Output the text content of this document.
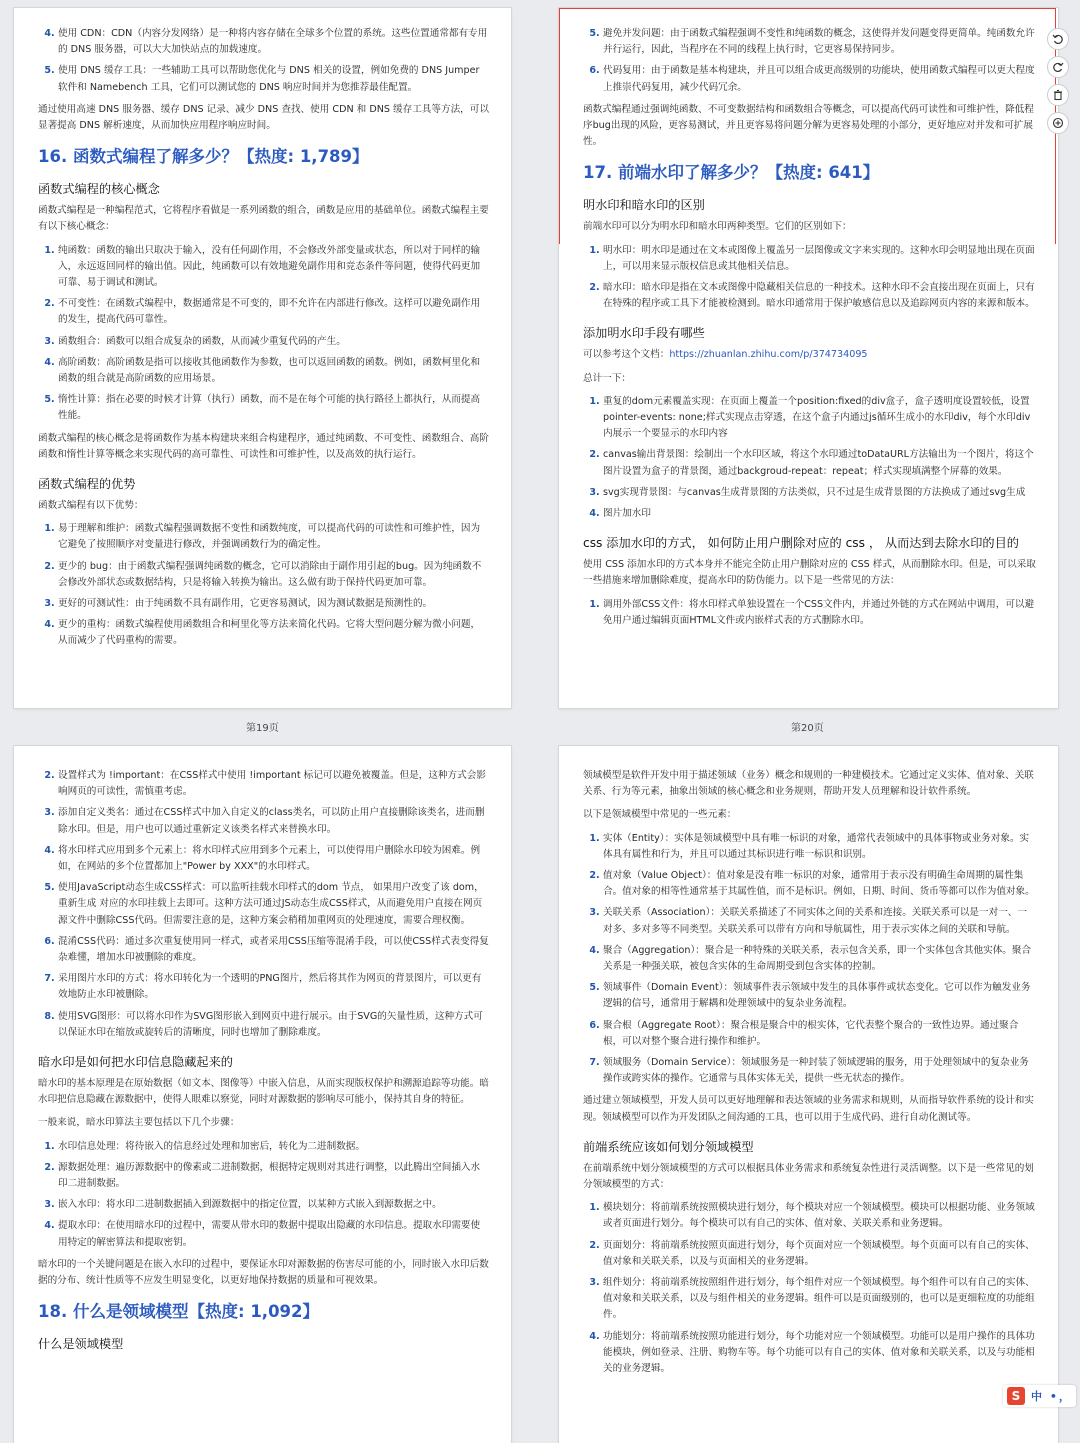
4. 使用 CDN：CDN（内容分发网络）是一种将内容存储在全球多个位置的系统。这些位置通常都有专用的 DNS 服务器，可以大大加快站点的加载速度。
5. 使用 DNS 缓存工具：一些辅助工具可以帮助您优化与 DNS 相关的设置，例如免费的 DNS Jumper 软件和 Namebench 工具，它们可以测试您的 DNS 响应时间并为您推荐最佳配置。

通过使用高速 DNS 服务器、缓存 DNS 记录、减少 DNS 查找、使用 CDN 和 DNS 缓存工具等方法，可以显著提高 DNS 解析速度，从而加快应用程序响应时间。

16. 函数式编程了解多少？【热度: 1,789】
函数式编程的核心概念

函数式编程是一种编程范式，它将程序看做是一系列函数的组合，函数是应用的基础单位。函数式编程主要有以下核心概念：

1. 纯函数：函数的输出只取决于输入，没有任何副作用，不会修改外部变量或状态，所以对于同样的输入，永远返回同样的输出值。因此，纯函数可以有效地避免副作用和竞态条件等问题，使得代码更加可靠、易于调试和测试。
2. 不可变性：在函数式编程中，数据通常是不可变的，即不允许在内部进行修改。这样可以避免副作用的发生，提高代码可靠性。
3. 函数组合：函数可以组合成复杂的函数，从而减少重复代码的产生。
4. 高阶函数：高阶函数是指可以接收其他函数作为参数，也可以返回函数的函数。例如，函数柯里化和函数的组合就是高阶函数的应用场景。
5. 惰性计算：指在必要的时候才计算（执行）函数，而不是在每个可能的执行路径上都执行，从而提高性能。

函数式编程的核心概念是将函数作为基本构建块来组合构建程序，通过纯函数、不可变性、函数组合、高阶函数和惰性计算等概念来实现代码的高可靠性、可读性和可维护性，以及高效的执行运行。

函数式编程的优势

函数式编程有以下优势：

1. 易于理解和维护：函数式编程强调数据不变性和函数纯度，可以提高代码的可读性和可维护性，因为它避免了按照顺序对变量进行修改，并强调函数行为的确定性。
2. 更少的 bug：由于函数式编程强调纯函数的概念，它可以消除由于副作用引起的bug。因为纯函数不会修改外部状态或数据结构，只是将输入转换为输出。这么做有助于保持代码更加可靠。
3. 更好的可测试性：由于纯函数不具有副作用，它更容易测试，因为测试数据是预测性的。
4. 更少的重构：函数式编程使用函数组合和柯里化等方法来简化代码。它将大型问题分解为微小问题，从而减少了代码重构的需要。
5. 避免并发问题：由于函数式编程强调不变性和纯函数的概念，这使得并发问题变得更简单。纯函数允许并行运行，因此，当程序在不同的线程上执行时，它更容易保持同步。
6. 代码复用：由于函数是基本构建块，并且可以组合成更高级别的功能块，使用函数式编程可以更大程度上推崇代码复用，减少代码冗余。

函数式编程通过强调纯函数、不可变数据结构和函数组合等概念，可以提高代码可读性和可维护性，降低程序bug出现的风险，更容易测试，并且更容易将问题分解为更容易处理的小部分，更好地应对并发和可扩展性。

17. 前端水印了解多少？【热度: 641】
明水印和暗水印的区别

前端水印可以分为明水印和暗水印两种类型。它们的区别如下：

1. 明水印：明水印是通过在文本或图像上覆盖另一层图像或文字来实现的。这种水印会明显地出现在页面上，可以用来显示版权信息或其他相关信息。
2. 暗水印：暗水印是指在文本或图像中隐藏相关信息的一种技术。这种水印不会直接出现在页面上，只有在特殊的程序或工具下才能被检测到。暗水印通常用于保护敏感信息以及追踪网页内容的来源和版本。
添加明水印手段有哪些

可以参考这个文档：https://zhuanlan.zhihu.com/p/374734095

总计一下：

1. 重复的dom元素覆盖实现：在页面上覆盖一个position:fixed的div盒子，盒子透明度设置较低，设置pointer-events: none;样式实现点击穿透，在这个盒子内通过js循环生成小的水印div，每个水印div内展示一个要显示的水印内容
2. canvas输出背景图：绘制出一个水印区域，将这个水印通过toDataURL方法输出为一个图片，将这个图片设置为盒子的背景图，通过backgroud-repeat：repeat；样式实现填满整个屏幕的效果。
3. svg实现背景图：与canvas生成背景图的方法类似，只不过是生成背景图的方法换成了通过svg生成
4. 图片加水印
css 添加水印的方式， 如何防止用户删除对应的 css ， 从而达到去除水印的目的

使用 CSS 添加水印的方式本身并不能完全防止用户删除对应的 CSS 样式，从而删除水印。但是，可以采取一些措施来增加删除难度，提高水印的防伪能力。以下是一些常见的方法：

1. 调用外部CSS文件：将水印样式单独设置在一个CSS文件内，并通过外链的方式在网站中调用，可以避免用户通过编辑页面HTML文件或内嵌样式表的方式删除水印。
第19页	第20页
2. 设置样式为 !important：在CSS样式中使用 !important 标记可以避免被覆盖。但是，这种方式会影响网页的可读性，需慎重考虑。
3. 添加自定义类名：通过在CSS样式中加入自定义的class类名，可以防止用户直接删除该类名，进而删除水印。但是，用户也可以通过重新定义该类名样式来替换水印。
4. 将水印样式应用到多个元素上：将水印样式应用到多个元素上，可以使得用户删除水印较为困难。例如，在网站的多个位置都加上"Power by XXX"的水印样式。
5. 使用JavaScript动态生成CSS样式：可以监听挂载水印样式的dom 节点， 如果用户改变了该 dom，重新生成 对应的水印挂载上去即可。这种方法可通过JS动态生成CSS样式，从而避免用户直接在网页源文件中删除CSS代码。但需要注意的是，这种方案会稍稍加重网页的处理速度，需要合理权衡。
6. 混淆CSS代码：通过多次重复使用同一样式，或者采用CSS压缩等混淆手段，可以使CSS样式表变得复杂难懂，增加水印被删除的难度。
7. 采用图片水印的方式：将水印转化为一个透明的PNG图片，然后将其作为网页的背景图片，可以更有效地防止水印被删除。
8. 使用SVG图形：可以将水印作为SVG图形嵌入到网页中进行展示。由于SVG的矢量性质，这种方式可以保证水印在缩放或旋转后的清晰度，同时也增加了删除难度。
暗水印是如何把水印信息隐藏起来的

暗水印的基本原理是在原始数据（如文本、图像等）中嵌入信息，从而实现版权保护和溯源追踪等功能。暗水印把信息隐藏在源数据中，使得人眼难以察觉，同时对源数据的影响尽可能小，保持其自身的特征。

一般来说，暗水印算法主要包括以下几个步骤：

1. 水印信息处理：将待嵌入的信息经过处理和加密后，转化为二进制数据。
2. 源数据处理：遍历源数据中的像素或二进制数据，根据特定规则对其进行调整，以此腾出空间插入水印二进制数据。
3. 嵌入水印：将水印二进制数据插入到源数据中的指定位置，以某种方式嵌入到源数据之中。
4. 提取水印：在使用暗水印的过程中，需要从带水印的数据中提取出隐藏的水印信息。提取水印需要使用特定的解密算法和提取密钥。

暗水印的一个关键问题是在嵌入水印的过程中，要保证水印对源数据的伤害尽可能的小，同时嵌入水印后数据的分布、统计性质等不应发生明显变化，以更好地保持数据的质量和可视效果。

18. 什么是领域模型【热度: 1,092】
什么是领域模型

领域模型是软件开发中用于描述领域（业务）概念和规则的一种建模技术。它通过定义实体、值对象、关联关系、行为等元素，抽象出领域的核心概念和业务规则，帮助开发人员理解和设计软件系统。

以下是领域模型中常见的一些元素：

1. 实体（Entity）：实体是领域模型中具有唯一标识的对象，通常代表领域中的具体事物或业务对象。实体具有属性和行为，并且可以通过其标识进行唯一标识和识别。
2. 值对象（Value Object）：值对象是没有唯一标识的对象，通常用于表示没有明确生命周期的属性集合。值对象的相等性通常基于其属性值，而不是标识。例如，日期、时间、货币等都可以作为值对象。
3. 关联关系（Association）：关联关系描述了不同实体之间的关系和连接。关联关系可以是一对一、一对多、多对多等不同类型。关联关系可以带有方向和导航属性，用于表示实体之间的关联和导航。
4. 聚合（Aggregation）：聚合是一种特殊的关联关系，表示包含关系，即一个实体包含其他实体。聚合关系是一种强关联，被包含实体的生命周期受到包含实体的控制。
5. 领域事件（Domain Event）：领域事件表示领域中发生的具体事件或状态变化。它可以作为触发业务逻辑的信号，通常用于解耦和处理领域中的复杂业务流程。
6. 聚合根（Aggregate Root）：聚合根是聚合中的根实体，它代表整个聚合的一致性边界。通过聚合根，可以对整个聚合进行操作和维护。
7. 领域服务（Domain Service）：领域服务是一种封装了领域逻辑的服务，用于处理领域中的复杂业务操作或跨实体的操作。它通常与具体实体无关，提供一些无状态的操作。

通过建立领域模型，开发人员可以更好地理解和表达领域的业务需求和规则，从而指导软件系统的设计和实现。领域模型可以作为开发团队之间沟通的工具，也可以用于生成代码、进行自动化测试等。

前端系统应该如何划分领域模型

在前端系统中划分领域模型的方式可以根据具体业务需求和系统复杂性进行灵活调整。以下是一些常见的划分领域模型的方式：

1. 模块划分：将前端系统按照模块进行划分，每个模块对应一个领域模型。模块可以根据功能、业务领域或者页面进行划分。每个模块可以有自己的实体、值对象、关联关系和业务逻辑。
2. 页面划分：将前端系统按照页面进行划分，每个页面对应一个领域模型。每个页面可以有自己的实体、值对象和关联关系，以及与页面相关的业务逻辑。
3. 组件划分：将前端系统按照组件进行划分，每个组件对应一个领域模型。每个组件可以有自己的实体、值对象和关联关系，以及与组件相关的业务逻辑。组件可以是页面级别的，也可以是更细粒度的功能组件。
4. 功能划分：将前端系统按照功能进行划分，每个功能对应一个领域模型。功能可以是用户操作的具体功能模块，例如登录、注册、购物车等。每个功能可以有自己的实体、值对象和关联关系，以及与功能相关的业务逻辑。
S 中 •，
